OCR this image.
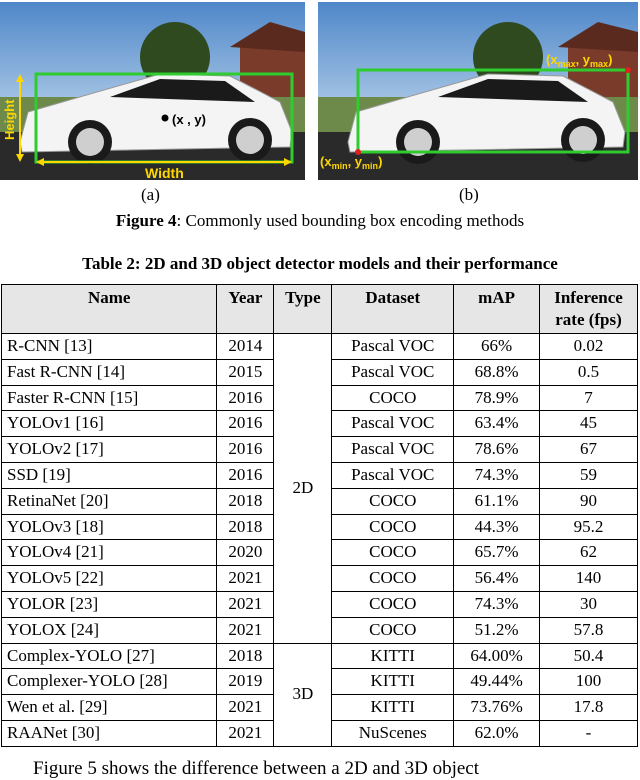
Height
Width
(x , y)
($x_{max}$, $y_{max}$)
($x_{min}$, $y_{min}$)
(a)	(b)
Figure 4: Commonly used bounding box encoding methods
Table 2: 2D and 3D object detector models and their performance
Name	Year	Type	Dataset	mAP	Inference
rate (fps)
R-CNN [13]	2014	2D	Pascal VOC	66%	0.02
Fast R-CNN [14]	2015		Pascal VOC	68.8%	0.5
Faster R-CNN [15]	2016		COCO	78.9%	7
YOLOv1 [16]	2016		Pascal VOC	63.4%	45
YOLOv2 [17]	2016		Pascal VOC	78.6%	67
SSD [19]	2016		Pascal VOC	74.3%	59
RetinaNet [20]	2018		COCO	61.1%	90
YOLOv3 [18]	2018		COCO	44.3%	95.2
YOLOv4 [21]	2020		COCO	65.7%	62
YOLOv5 [22]	2021		COCO	56.4%	140
YOLOR [23]	2021		COCO	74.3%	30
YOLOX [24]	2021		COCO	51.2%	57.8
Complex-YOLO [27]	2018	3D	KITTI	64.00%	50.4
Complexer-YOLO [28]	2019		KITTI	49.44%	100
Wen et al. [29]	2021		KITTI	73.76%	17.8
RAANet [30]	2021		NuScenes	62.0%	-
Figure 5 shows the difference between a 2D and 3D object
